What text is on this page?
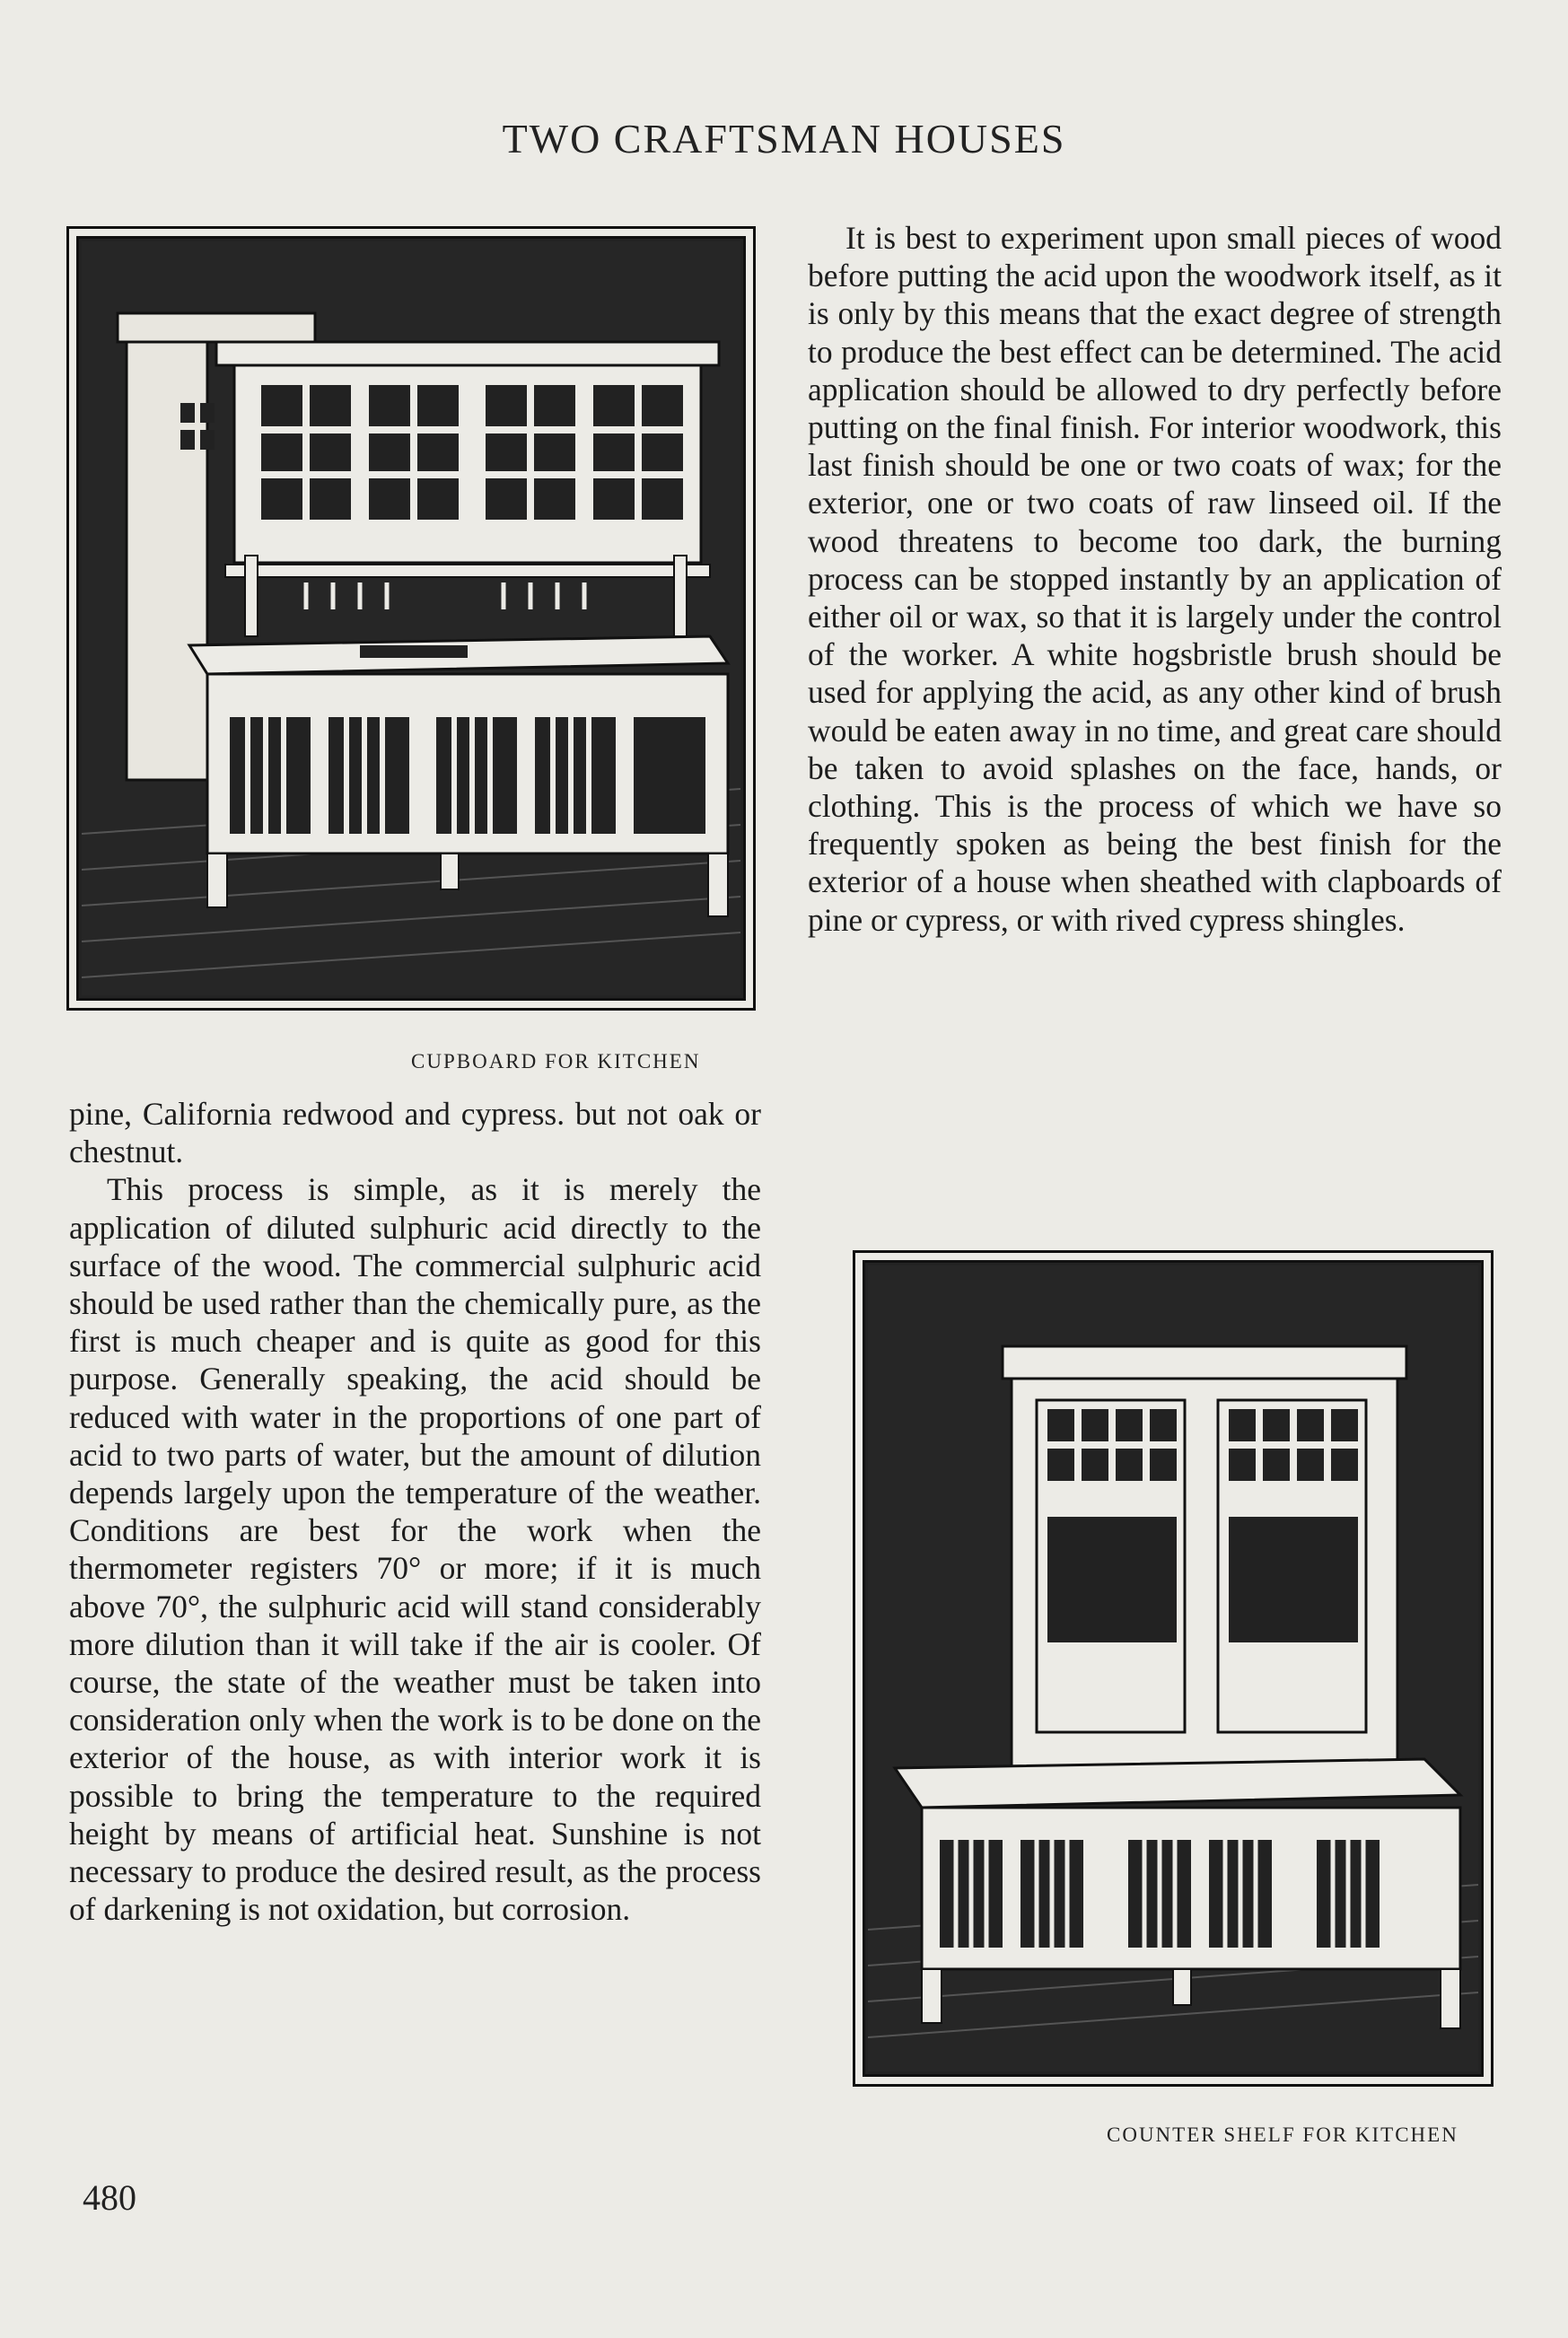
TWO CRAFTSMAN HOUSES
CUPBOARD FOR KITCHEN
COUNTER SHELF FOR KITCHEN

pine, California redwood and cypress. but not oak or chestnut.

This process is simple, as it is merely the application of diluted sulphuric acid directly to the surface of the wood. The commercial sulphuric acid should be used rather than the chemically pure, as the first is much cheaper and is quite as good for this purpose. Generally speaking, the acid should be reduced with water in the proportions of one part of acid to two parts of water, but the amount of dilution depends largely upon the temperature of the weather. Conditions are best for the work when the thermometer registers 70° or more; if it is much above 70°, the sulphuric acid will stand considerably more dilution than it will take if the air is cooler. Of course, the state of the weather must be taken into consideration only when the work is to be done on the exterior of the house, as with interior work it is possible to bring the temperature to the required height by means of artificial heat. Sunshine is not necessary to produce the desired result, as the process of darkening is not oxidation, but corrosion.

It is best to experiment upon small pieces of wood before putting the acid upon the woodwork itself, as it is only by this means that the exact degree of strength to produce the best effect can be determined. The acid application should be allowed to dry perfectly before putting on the final finish. For interior woodwork, this last finish should be one or two coats of wax; for the exterior, one or two coats of raw linseed oil. If the wood threatens to become too dark, the burning process can be stopped instantly by an application of either oil or wax, so that it is largely under the control of the worker. A white hogsbristle brush should be used for applying the acid, as any other kind of brush would be eaten away in no time, and great care should be taken to avoid splashes on the face, hands, or clothing. This is the process of which we have so frequently spoken as being the best finish for the exterior of a house when sheathed with clapboards of pine or cypress, or with rived cypress shingles.

480
